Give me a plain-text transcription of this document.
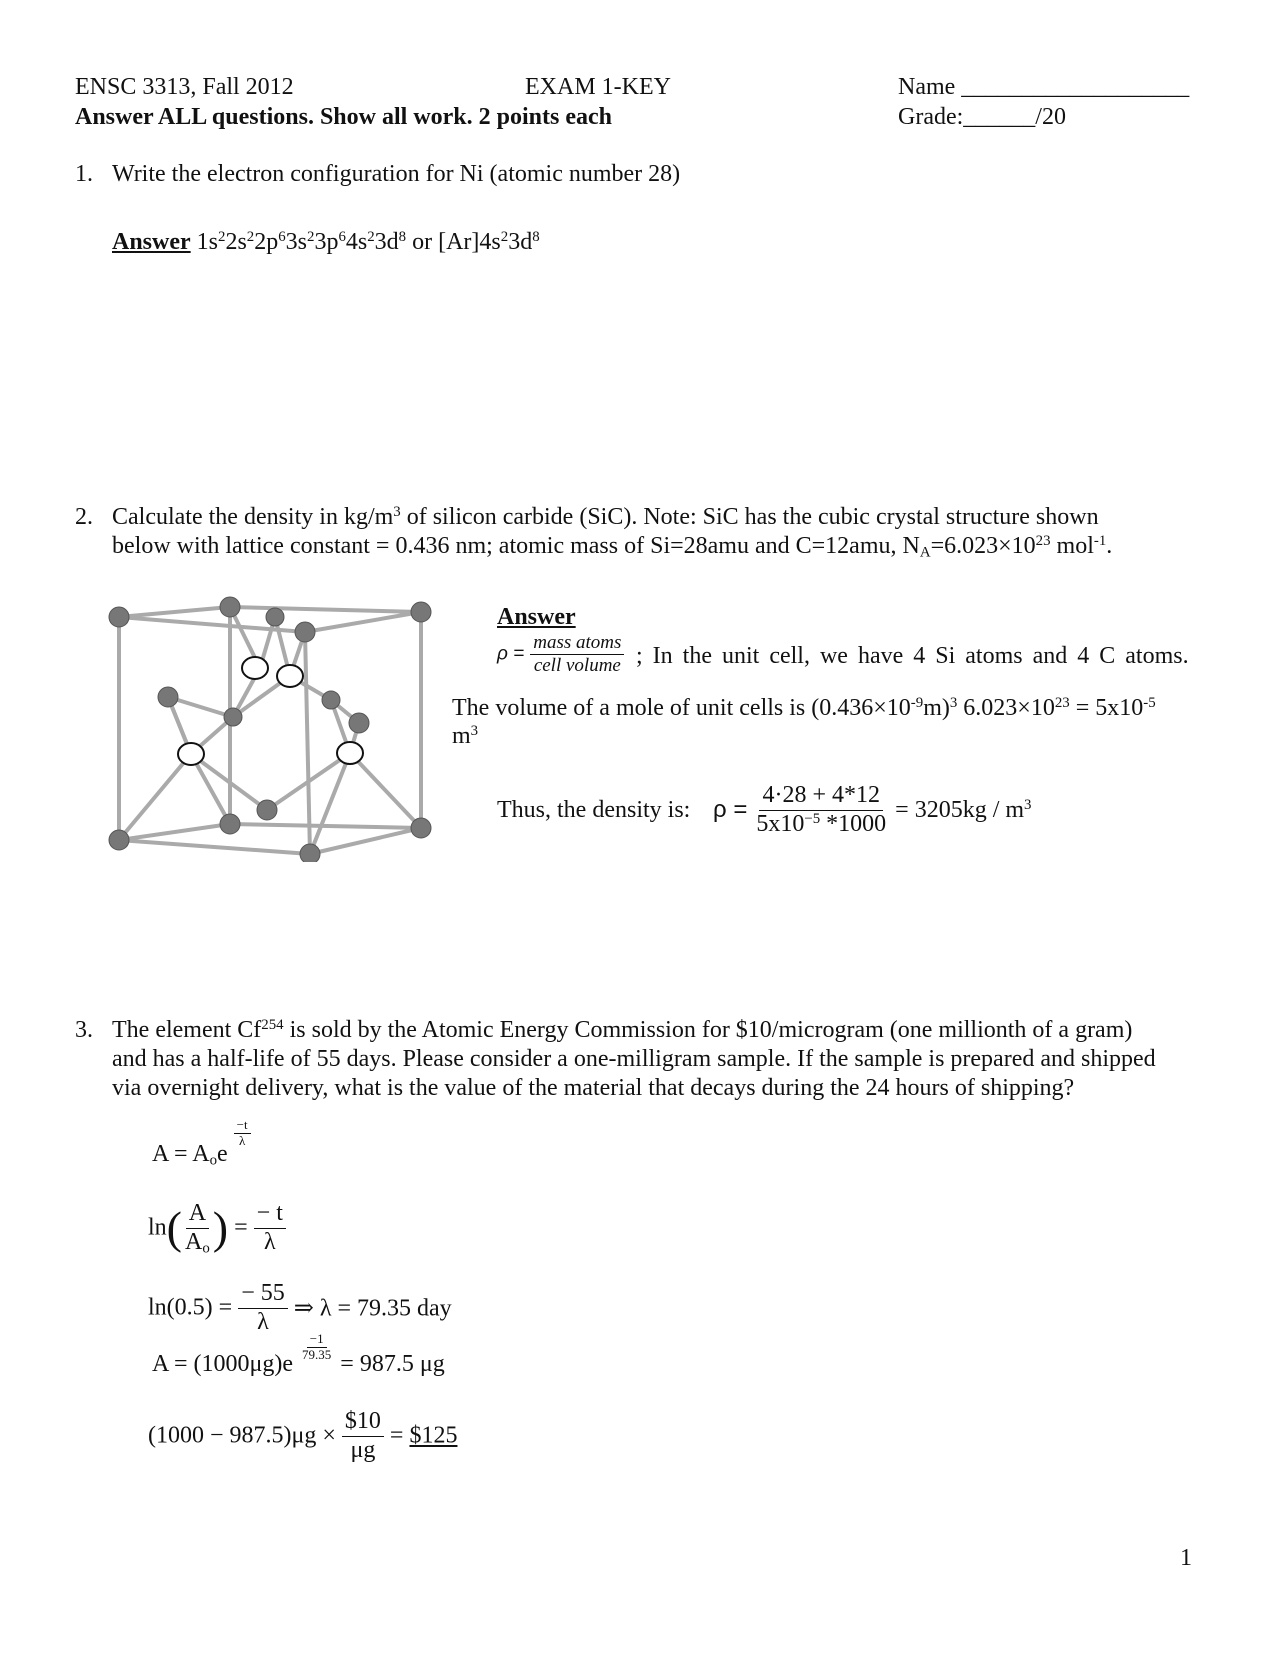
ENSC 3313, Fall 2012	EXAM 1-KEY	Name ___________________
Answer ALL questions. Show all work. 2 points each	Grade:______/20
1. Write the electron configuration for Ni (atomic number 28)
Answer $1s^22s^22p^63s^23p^64s^23d^8$ or $[Ar]4s^23d^8$
2. Calculate the density in $kg/m^3$ of silicon carbide (SiC). Note: SiC has the cubic crystal structure shown
below with lattice constant = 0.436 nm; atomic mass of Si=28amu and C=12amu, $N_A=6.023\times 10^{23}$ mol$^{-1}$.
Answer
$\rho = \frac{\text{mass atoms}}{\text{cell volume}}$ ; In the unit cell, we have 4 Si atoms and 4 C atoms.
The volume of a mole of unit cells is $(0.436\times 10^{-9}m)^3$ $6.023\times 10^{23} = 5x10^{-5}$
$m^3$
Thus, the density is: $\rho = \frac{4\cdot 28 + 4*12}{5x10^{-5} *1000} = 3205kg / m^3$
3. The element Cf$^{254}$ is sold by the Atomic Energy Commission for $10/microgram (one millionth of a gram)
and has a half-life of 55 days. Please consider a one-milligram sample. If the sample is prepared and shipped
via overnight delivery, what is the value of the material that decays during the 24 hours of shipping?
$A = A_oe$
$\frac{-t}{\lambda}$
$\ln( \frac{A}{A_o}$ ) = $\frac{- t}{\lambda}$
$\ln(0.5) = \frac{- 55}{\lambda}$ ⇒ λ = 79.35 day
A = (1000μg)e
$\frac{-1}{79.35}$
= 987.5 μg
$(1000 - 987.5)\mu g \times \frac{\$10}{\mu g}$ = $125
1
